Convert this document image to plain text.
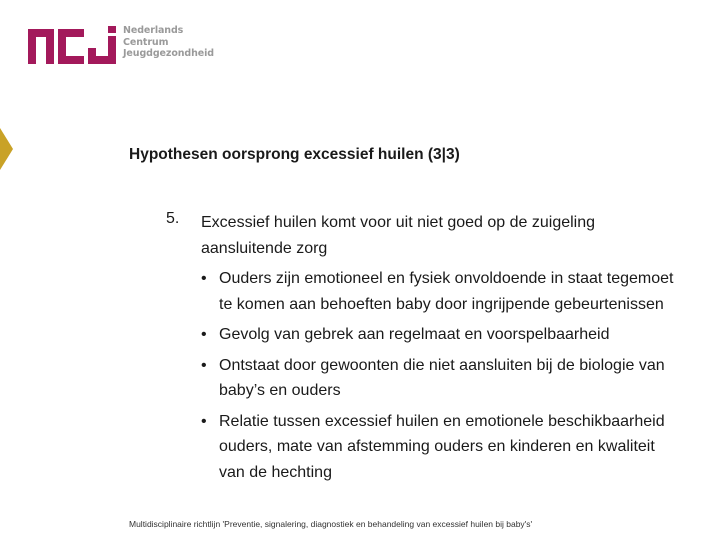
Nederlands
Centrum
Jeugdgezondheid
Hypothesen oorsprong excessief huilen (3|3)
5. Excessief huilen komt voor uit niet goed op de zuigeling aansluitende zorg
• Ouders zijn emotioneel en fysiek onvoldoende in staat tegemoet te komen aan behoeften baby door ingrijpende gebeurtenissen
• Gevolg van gebrek aan regelmaat en voorspelbaarheid
• Ontstaat door gewoonten die niet aansluiten bij de biologie van baby’s en ouders
• Relatie tussen excessief huilen en emotionele beschikbaarheid ouders, mate van afstemming ouders en kinderen en kwaliteit van de hechting
Multidisciplinaire richtlijn 'Preventie, signalering, diagnostiek en behandeling van excessief huilen bij baby's'
